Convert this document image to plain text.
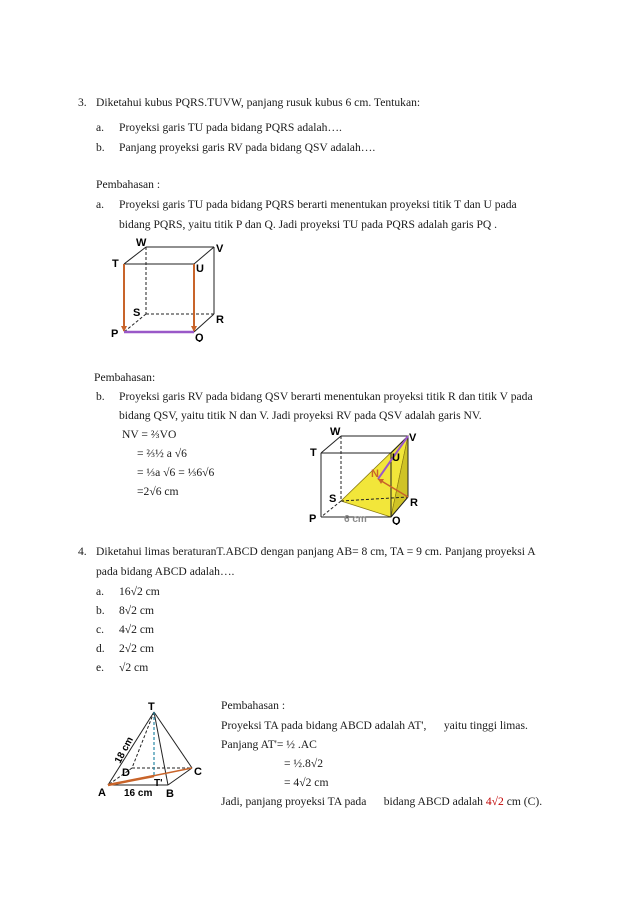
3. Diketahui kubus PQRS.TUVW, panjang rusuk kubus 6 cm. Tentukan:
a. Proyeksi garis TU pada bidang PQRS adalah….
b. Panjang proyeksi garis RV pada bidang QSV adalah….
Pembahasan :
a. Proyeksi garis TU pada bidang PQRS berarti menentukan proyeksi titik T dan U pada
bidang PQRS, yaitu titik P dan Q. Jadi proyeksi TU pada PQRS adalah garis PQ .
W	V
T	U
S
R
P	Q
Pembahasan:
b. Proyeksi garis RV pada bidang QSV berarti menentukan proyeksi titik R dan titik V pada
bidang QSV, yaitu titik N dan V. Jadi proyeksi RV pada QSV adalah garis NV.
NV = ⅔VO
= ⅔½ a √6
= ⅓a √6 = ⅓6√6
=2√6 cm
W	V
T	U
N
S	R
P	6 cm Q
4. Diketahui limas beraturanT.ABCD dengan panjang AB= 8 cm, TA = 9 cm. Panjang proyeksi A
pada bidang ABCD adalah….
a. 16√2 cm
b. 8√2 cm
c. 4√2 cm
d. 2√2 cm
e. √2 cm
T
18 cm
D
T'
C
A 16 cm B
Pembahasan :
Proyeksi TA pada bidang ABCD adalah AT',      yaitu tinggi limas.
Panjang AT'= ½ .AC
= ½.8√2
= 4√2 cm
Jadi, panjang proyeksi TA pada      bidang ABCD adalah 4√2 cm (C).
